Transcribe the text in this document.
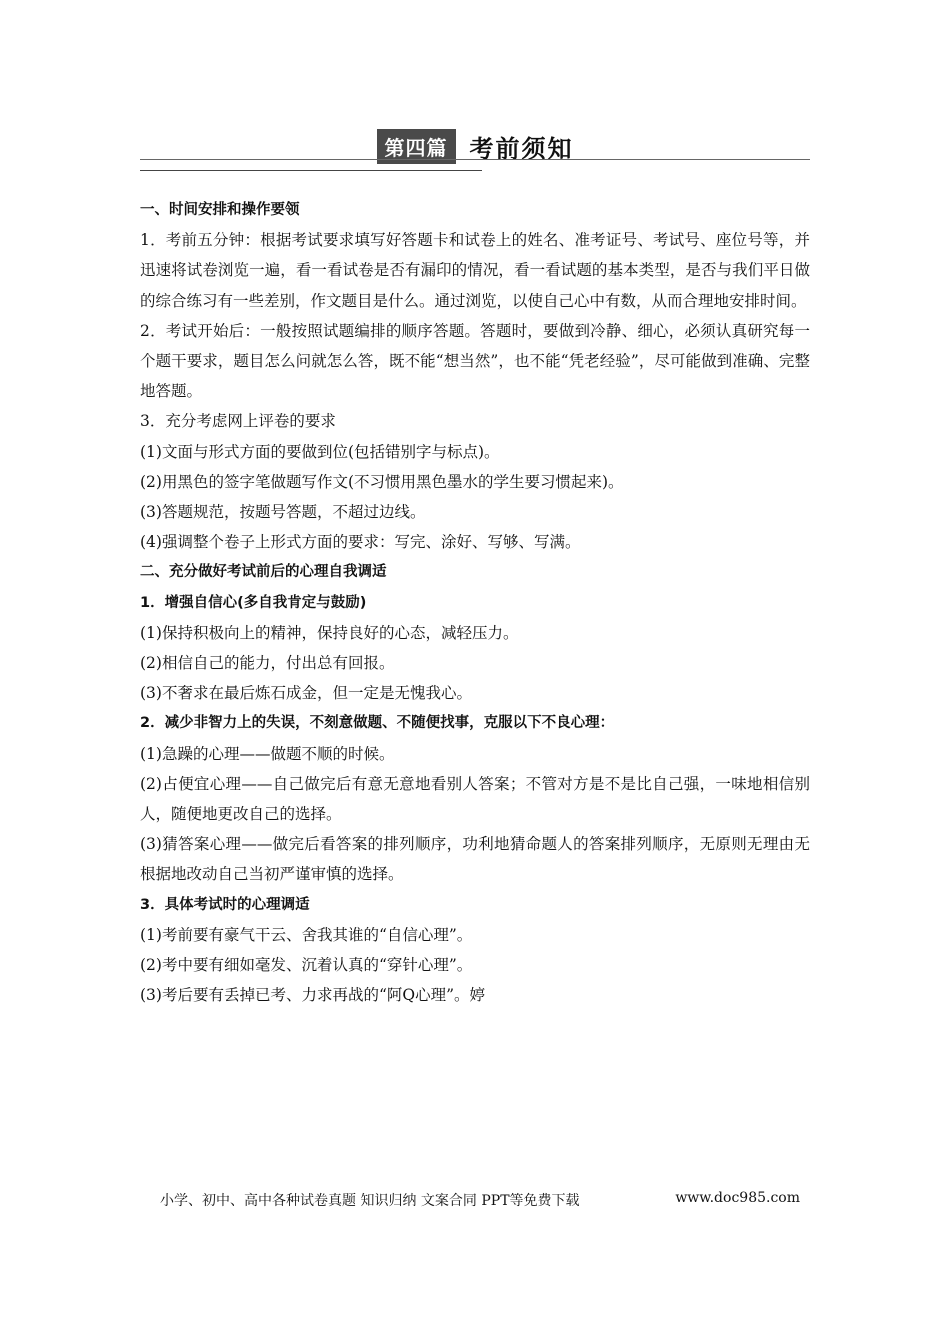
第四篇 考前须知

一、时间安排和操作要领

1．考前五分钟：根据考试要求填写好答题卡和试卷上的姓名、准考证号、考试号、座位号等，并迅速将试卷浏览一遍，看一看试卷是否有漏印的情况，看一看试题的基本类型，是否与我们平日做的综合练习有一些差别，作文题目是什么。通过浏览，以使自己心中有数，从而合理地安排时间。

2．考试开始后：一般按照试题编排的顺序答题。答题时，要做到冷静、细心，必须认真研究每一个题干要求，题目怎么问就怎么答，既不能“想当然”，也不能“凭老经验”，尽可能做到准确、完整地答题。

3．充分考虑网上评卷的要求

(1)文面与形式方面的要做到位(包括错别字与标点)。

(2)用黑色的签字笔做题写作文(不习惯用黑色墨水的学生要习惯起来)。

(3)答题规范，按题号答题，不超过边线。

(4)强调整个卷子上形式方面的要求：写完、涂好、写够、写满。

二、充分做好考试前后的心理自我调适

1．增强自信心(多自我肯定与鼓励)

(1)保持积极向上的精神，保持良好的心态，减轻压力。

(2)相信自己的能力，付出总有回报。

(3)不奢求在最后炼石成金，但一定是无愧我心。

2．减少非智力上的失误，不刻意做题、不随便找事，克服以下不良心理：

(1)急躁的心理——做题不顺的时候。

(2)占便宜心理——自己做完后有意无意地看别人答案；不管对方是不是比自己强，一味地相信别人，随便地更改自己的选择。

(3)猜答案心理——做完后看答案的排列顺序，功利地猜命题人的答案排列顺序，无原则无理由无根据地改动自己当初严谨审慎的选择。

3．具体考试时的心理调适

(1)考前要有豪气干云、舍我其谁的“自信心理”。

(2)考中要有细如毫发、沉着认真的“穿针心理”。

(3)考后要有丢掉已考、力求再战的“阿Q心理”。婷

小学、初中、高中各种试卷真题 知识归纳 文案合同 PPT等免费下载	www.doc985.com
